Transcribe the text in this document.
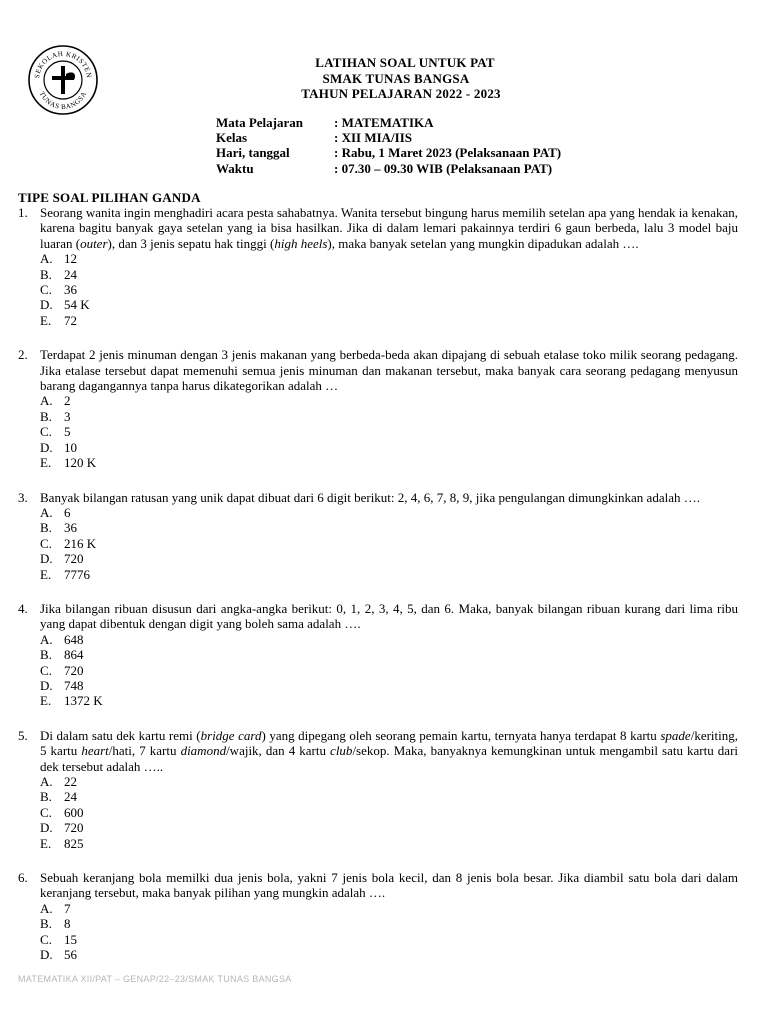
SEKOLAH KRISTEN
TUNAS BANGSA
LATIHAN SOAL UNTUK PAT
SMAK TUNAS BANGSA
TAHUN PELAJARAN 2022 - 2023
Mata Pelajaran	: MATEMATIKA
Kelas	: XII MIA/IIS
Hari, tanggal	: Rabu, 1 Maret 2023 (Pelaksanaan PAT)
Waktu	: 07.30 – 09.30 WIB (Pelaksanaan PAT)
TIPE SOAL PILIHAN GANDA
1. Seorang wanita ingin menghadiri acara pesta sahabatnya. Wanita tersebut bingung harus memilih setelan apa yang hendak ia kenakan, karena bagitu banyak gaya setelan yang ia bisa hasilkan. Jika di dalam lemari pakainnya terdiri 6 gaun berbeda, lalu 3 model baju luaran (outer), dan 3 jenis sepatu hak tinggi (high heels), maka banyak setelan yang mungkin dipadukan adalah ….
A. 12
B. 24
C. 36
D. 54 K
E. 72
2. Terdapat 2 jenis minuman dengan 3 jenis makanan yang berbeda-beda akan dipajang di sebuah etalase toko milik seorang pedagang. Jika etalase tersebut dapat memenuhi semua jenis minuman dan makanan tersebut, maka banyak cara seorang pedagang menyusun barang dagangannya tanpa harus dikategorikan adalah …
A. 2
B. 3
C. 5
D. 10
E. 120 K
3. Banyak bilangan ratusan yang unik dapat dibuat dari 6 digit berikut: 2, 4, 6, 7, 8, 9, jika pengulangan dimungkinkan adalah ….
A. 6
B. 36
C. 216 K
D. 720
E. 7776
4. Jika bilangan ribuan disusun dari angka-angka berikut: 0, 1, 2, 3, 4, 5, dan 6. Maka, banyak bilangan ribuan kurang dari lima ribu yang dapat dibentuk dengan digit yang boleh sama adalah ….
A. 648
B. 864
C. 720
D. 748
E. 1372 K
5. Di dalam satu dek kartu remi (bridge card) yang dipegang oleh seorang pemain kartu, ternyata hanya terdapat 8 kartu spade/keriting, 5 kartu heart/hati, 7 kartu diamond/wajik, dan 4 kartu club/sekop. Maka, banyaknya kemungkinan untuk mengambil satu kartu dari dek tersebut adalah …..
A. 22
B. 24
C. 600
D. 720
E. 825
6. Sebuah keranjang bola memilki dua jenis bola, yakni 7 jenis bola kecil, dan 8 jenis bola besar. Jika diambil satu bola dari dalam keranjang tersebut, maka banyak pilihan yang mungkin adalah ….
A. 7
B. 8
C. 15
D. 56
MATEMATIKA XII/PAT – GENAP/22–23/SMAK TUNAS BANGSA
